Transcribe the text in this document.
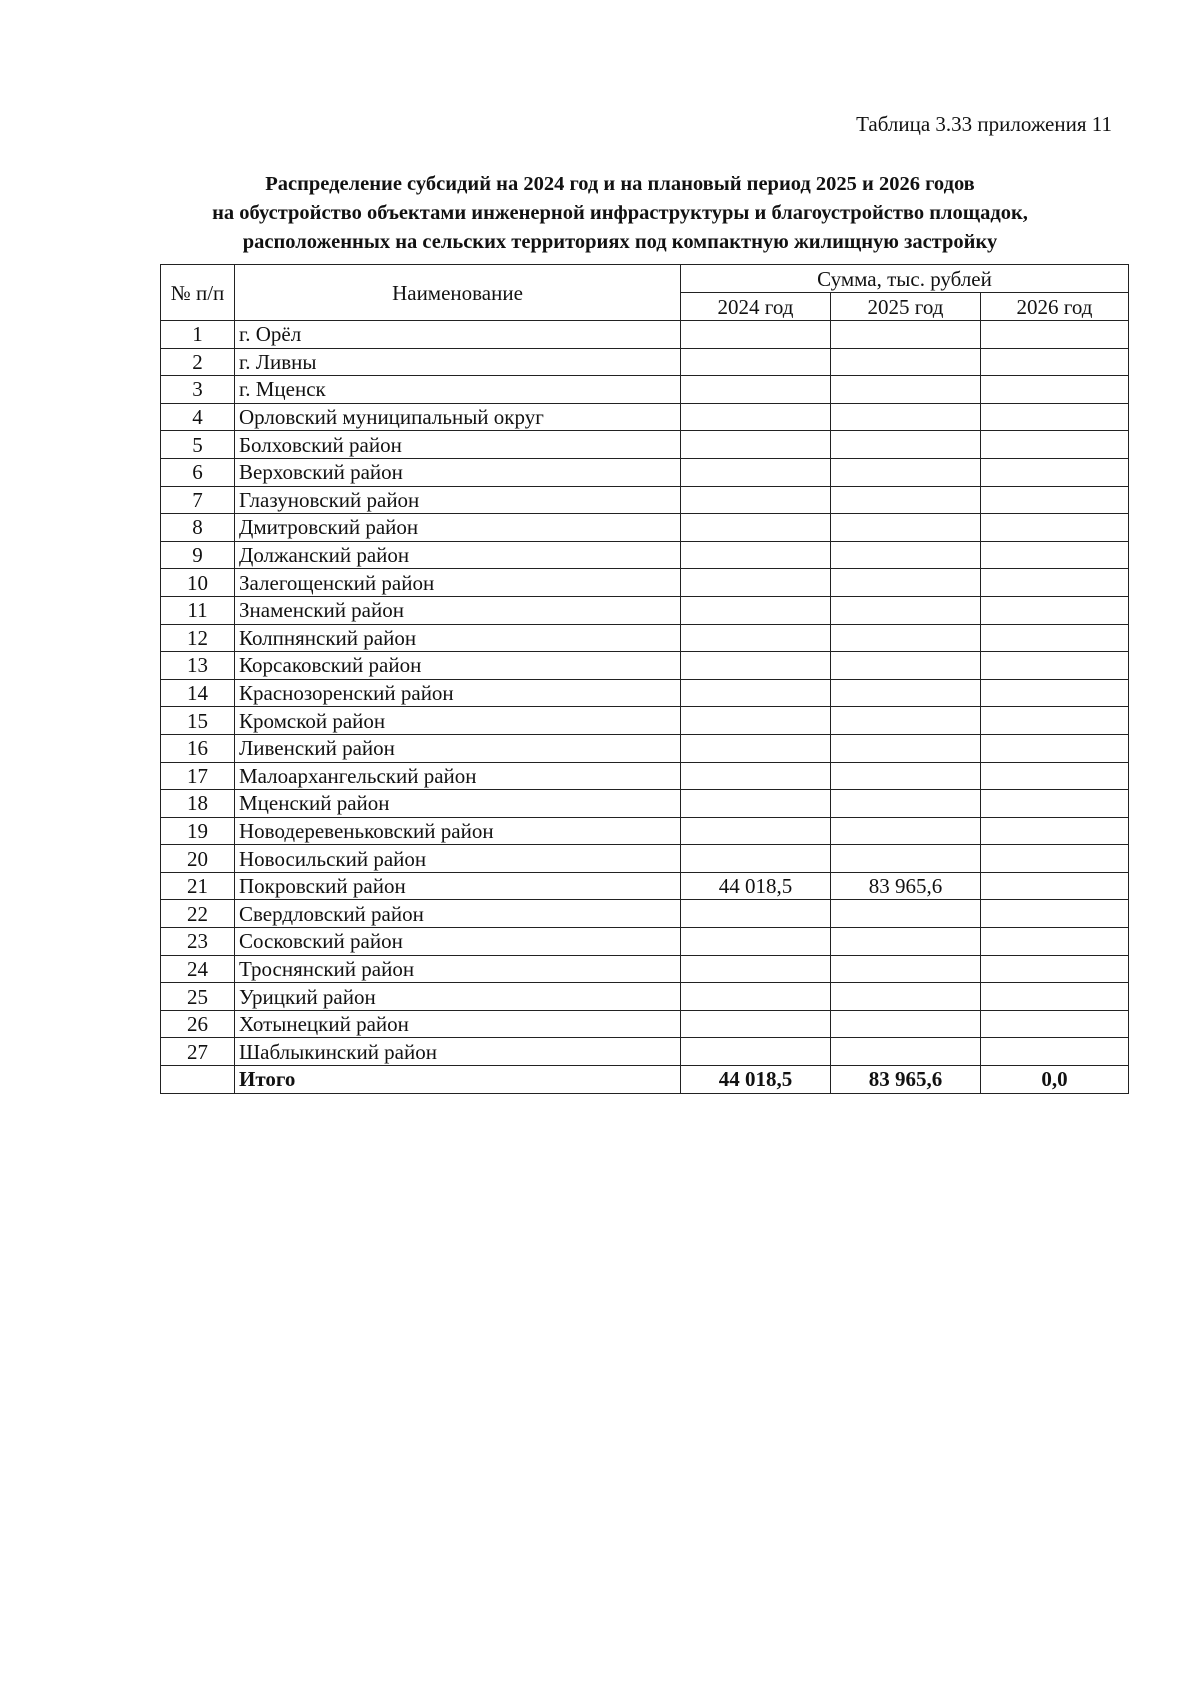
Таблица 3.33 приложения 11
Распределение субсидий на 2024 год и на плановый период 2025 и 2026 годов
на обустройство объектами инженерной инфраструктуры и благоустройство площадок,
расположенных на сельских территориях под компактную жилищную застройку
№ п/п	Наименование	Сумма, тыс. рублей		
		2024 год	2025 год	2026 год
1	г. Орёл			
2	г. Ливны			
3	г. Мценск			
4	Орловский муниципальный округ			
5	Болховский район			
6	Верховский район			
7	Глазуновский район			
8	Дмитровский район			
9	Должанский район			
10	Залегощенский район			
11	Знаменский район			
12	Колпнянский район			
13	Корсаковский район			
14	Краснозоренский район			
15	Кромской район			
16	Ливенский район			
17	Малоархангельский район			
18	Мценский район			
19	Новодеревеньковский район			
20	Новосильский район			
21	Покровский район	44 018,5	83 965,6	
22	Свердловский район			
23	Сосковский район			
24	Троснянский район			
25	Урицкий район			
26	Хотынецкий район			
27	Шаблыкинский район			
	Итого	44 018,5	83 965,6	0,0
